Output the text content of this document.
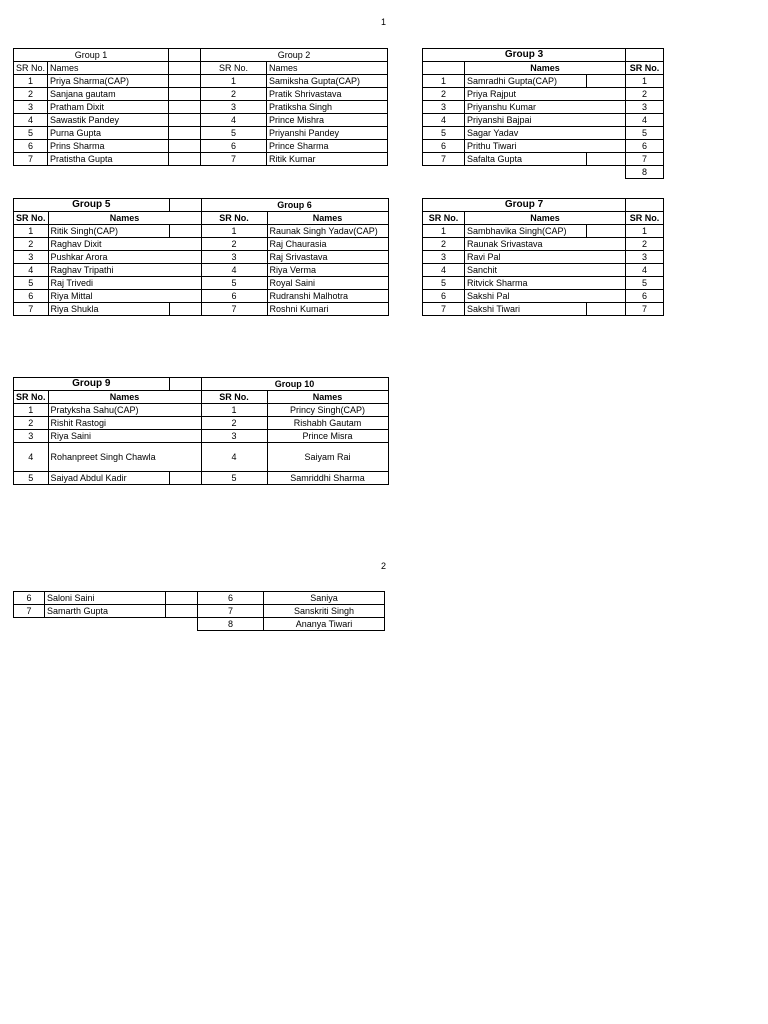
1
2
Group 1			Group 2	
SR No.	Names		SR No.	Names
1	Priya Sharma(CAP)		1	Samiksha Gupta(CAP)
2	Sanjana gautam		2	Pratik Shrivastava
3	Pratham Dixit		3	Pratiksha Singh
4	Sawastik Pandey		4	Prince Mishra
5	Purna Gupta		5	Priyanshi Pandey
6	Prins Sharma		6	Prince Sharma
7	Pratistha Gupta		7	Ritik Kumar
Group 3			
	Names		SR No.
1	Samradhi Gupta(CAP)		1
2	Priya Rajput		2
3	Priyanshu Kumar		3
4	Priyanshi Bajpai		4
5	Sagar Yadav		5
6	Prithu Tiwari		6
7	Safalta Gupta		7
			8
Group 5			Group 6	
SR No.	Names		SR No.	Names
1	Ritik Singh(CAP)		1	Raunak Singh Yadav(CAP)
2	Raghav Dixit		2	Raj Chaurasia
3	Pushkar Arora		3	Raj Srivastava
4	Raghav Tripathi		4	Riya Verma
5	Raj Trivedi		5	Royal Saini
6	Riya Mittal		6	Rudranshi Malhotra
7	Riya Shukla		7	Roshni Kumari
Group 7			
SR No.	Names		SR No.
1	Sambhavika Singh(CAP)		1
2	Raunak Srivastava		2
3	Ravi Pal		3
4	Sanchit		4
5	Ritvick Sharma		5
6	Sakshi Pal		6
7	Sakshi Tiwari		7
Group 9			Group 10	
SR No.	Names		SR No.	Names
1	Pratyksha Sahu(CAP)		1	Princy Singh(CAP)
2	Rishit Rastogi		2	Rishabh Gautam
3	Riya Saini		3	Prince Misra
4	Rohanpreet Singh Chawla		4	Saiyam Rai
5	Saiyad Abdul Kadir		5	Samriddhi Sharma
6	Saloni Saini		6	Saniya
7	Samarth Gupta		7	Sanskriti Singh
			8	Ananya Tiwari
